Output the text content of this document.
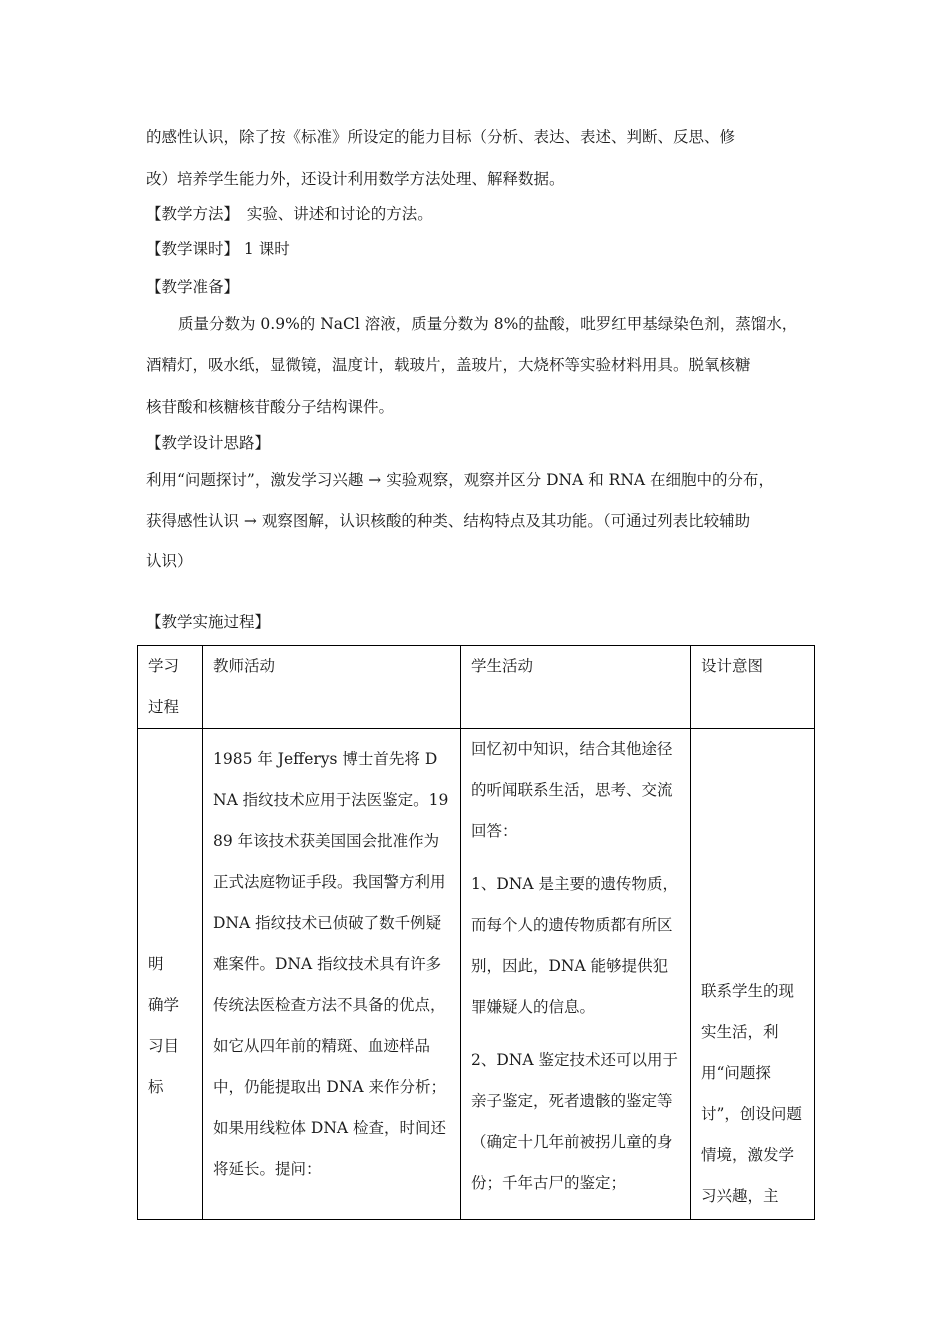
的感性认识，除了按《标准》所设定的能力目标（分析、表达、表述、判断、反思、修
改）培养学生能力外，还设计利用数学方法处理、解释数据。
【教学方法】　实验、讲述和讨论的方法。
【教学课时】 1 课时
【教学准备】
质量分数为 0.9%的 NaCl 溶液，质量分数为 8%的盐酸，吡罗红甲基绿染色剂，蒸馏水，
酒精灯，吸水纸，显微镜，温度计，载玻片，盖玻片，大烧杯等实验材料用具。脱氧核糖
核苷酸和核糖核苷酸分子结构课件。
【教学设计思路】
利用“问题探讨”，激发学习兴趣 → 实验观察，观察并区分 DNA 和 RNA 在细胞中的分布，
获得感性认识 → 观察图解，认识核酸的种类、结构特点及其功能。（可通过列表比较辅助
认识）
【教学实施过程】
学习过程	教师活动	学生活动	设计意图

明　确学　习目标	1985 年 Jefferys 博士首先将 DNA 指纹技术应用于法医鉴定。1989 年该技术获美国国会批准作为正式法庭物证手段。我国警方利用 DNA 指纹技术已侦破了数千例疑难案件。DNA 指纹技术具有许多传统法医检查方法不具备的优点，如它从四年前的精斑、血迹样品中，仍能提取出 DNA 来作分析；如果用线粒体 DNA 检查，时间还将延长。提问：	回忆初中知识，结合其他途径的听闻联系生活，思考、交流回答：
1、DNA 是主要的遗传物质，而每个人的遗传物质都有所区别，因此，DNA 能够提供犯罪嫌疑人的信息。
2、DNA 鉴定技术还可以用于亲子鉴定，死者遗骸的鉴定等（确定十几年前被拐儿童的身份；千年古尸的鉴定；	联系学生的现实生活，利用“问题探讨”，创设问题情境，激发学习兴趣，主
